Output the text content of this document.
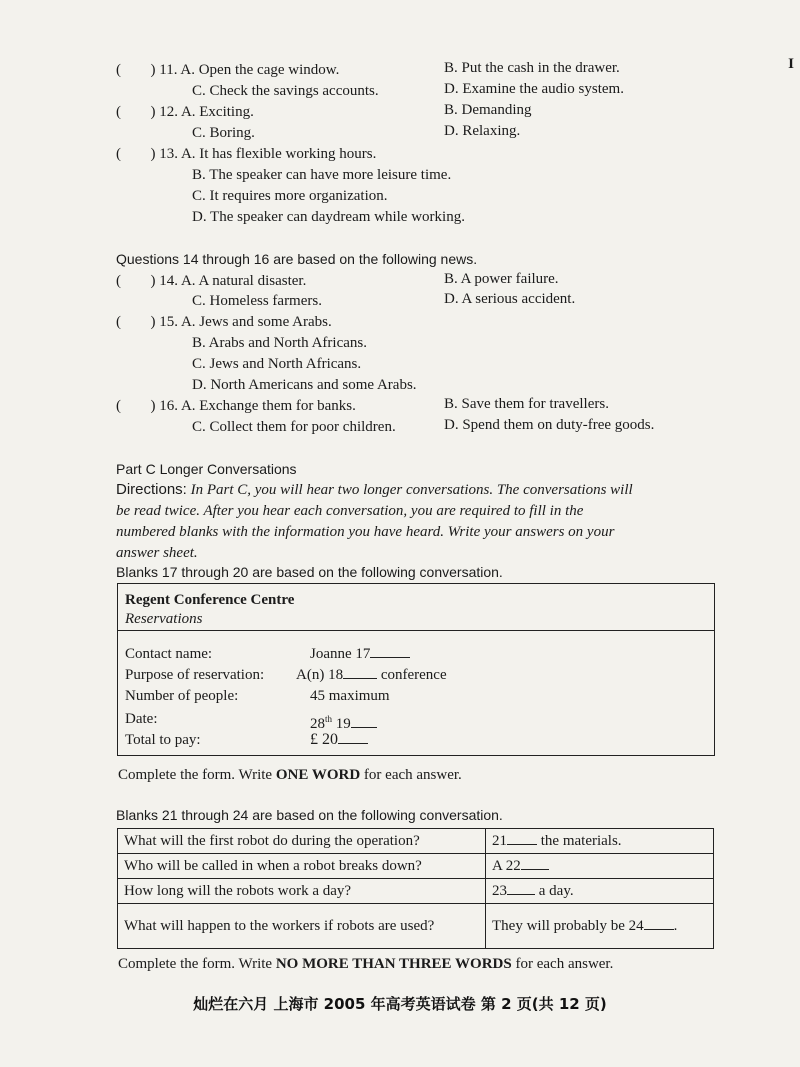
I
( ) 11. A. Open the cage window.	B. Put the cash in the drawer.
C. Check the savings accounts.	D. Examine the audio system.
( ) 12. A. Exciting.	B. Demanding
C. Boring.	D. Relaxing.
( ) 13. A. It has flexible working hours.
B. The speaker can have more leisure time.
C. It requires more organization.
D. The speaker can daydream while working.
Questions 14 through 16 are based on the following news.
( ) 14. A. A natural disaster.	B. A power failure.
C. Homeless farmers.	D. A serious accident.
( ) 15. A. Jews and some Arabs.
B. Arabs and North Africans.
C. Jews and North Africans.
D. North Americans and some Arabs.
( ) 16. A. Exchange them for banks.	B. Save them for travellers.
C. Collect them for poor children.	D. Spend them on duty-free goods.
Part C Longer Conversations
Directions: In Part C, you will hear two longer conversations. The conversations will
be read twice. After you hear each conversation, you are required to fill in the
numbered blanks with the information you have heard. Write your answers on your
answer sheet.
Blanks 17 through 20 are based on the following conversation.
Regent Conference Centre
Reservations
Contact name:	Joanne 17
Purpose of reservation: A(n) 18	conference
Number of people:	45 maximum
Date:	28th 19
Total to pay:	£ 20
Complete the form. Write ONE WORD for each answer.
Blanks 21 through 24 are based on the following conversation.
What will the first robot do during the operation?	21 the materials.
Who will be called in when a robot breaks down?	A 22
How long will the robots work a day?	23 a day.
What will happen to the workers if robots are used?	They will probably be 24 .
Complete the form. Write NO MORE THAN THREE WORDS for each answer.
灿烂在六月 上海市 2005 年高考英语试卷 第 2 页(共 12 页)
